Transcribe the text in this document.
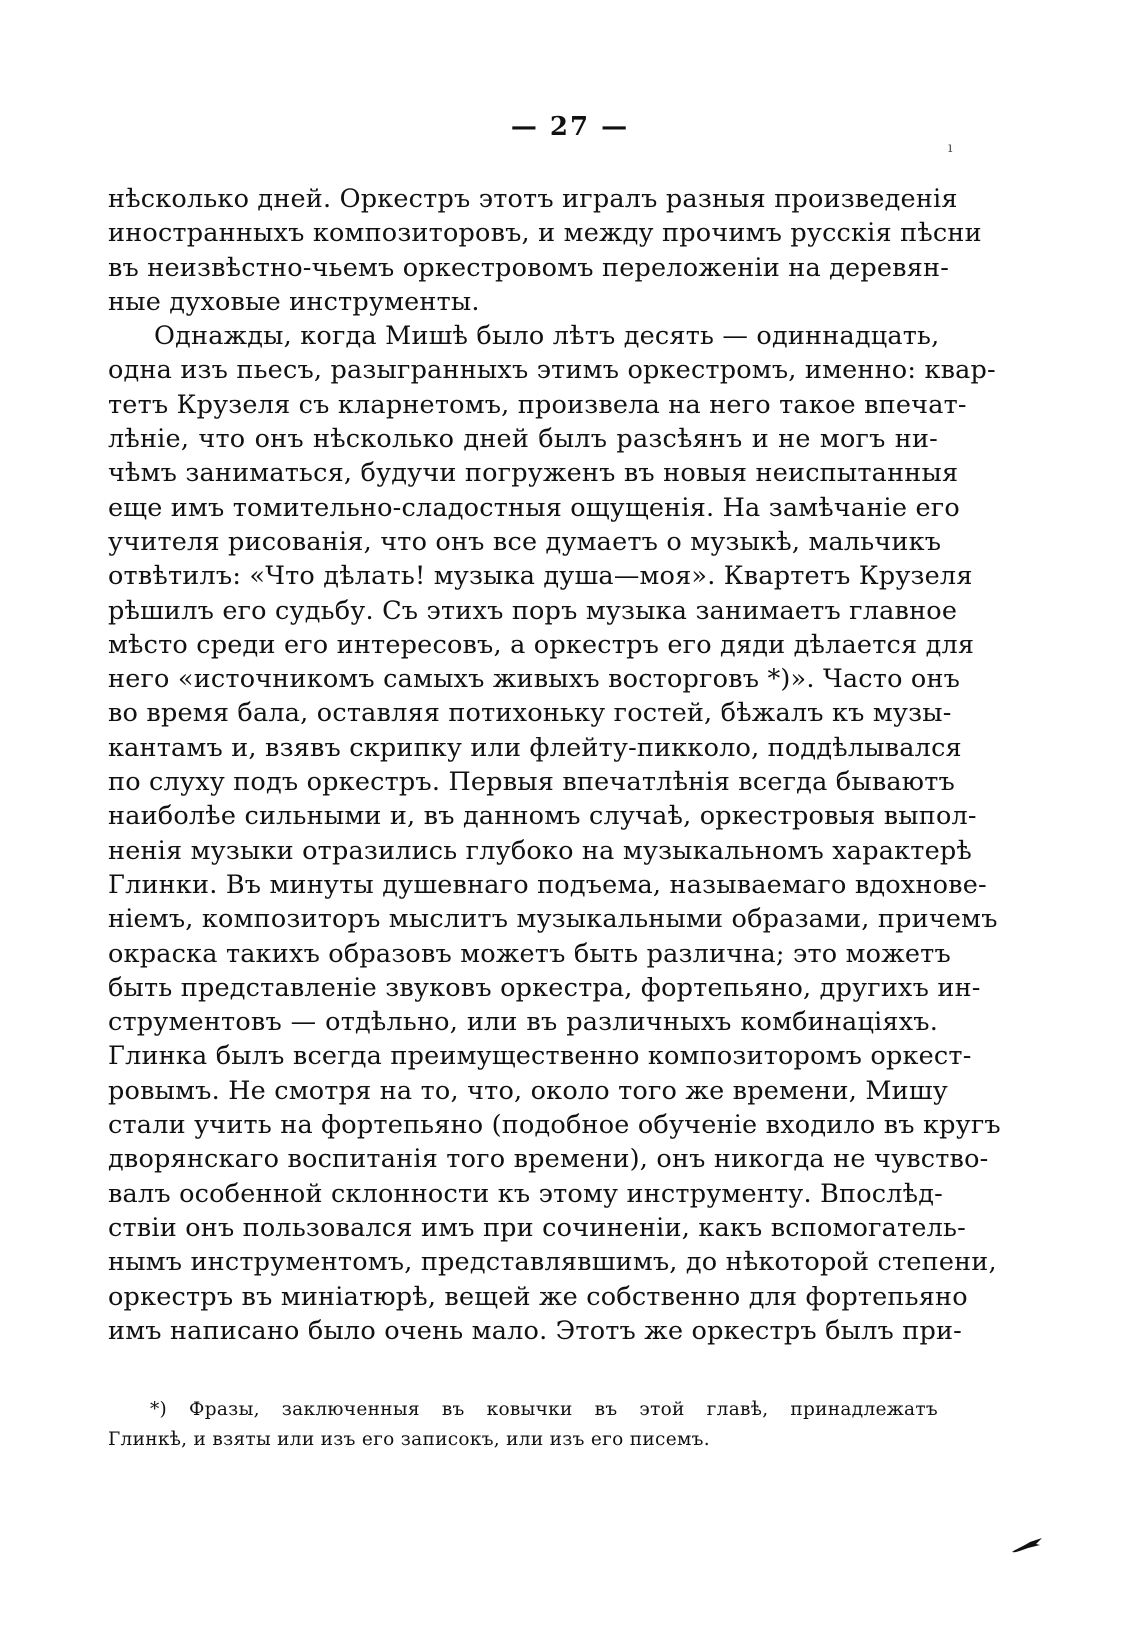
— 27 —
ı
нѣсколько дней. Оркестръ этотъ игралъ разныя произведенія
иностранныхъ композиторовъ, и между прочимъ русскія пѣсни
въ неизвѣстно-чьемъ оркестровомъ переложеніи на деревян-
ные духовые инструменты.
Однажды, когда Мишѣ было лѣтъ десять — одиннадцать,
одна изъ пьесъ, разыгранныхъ этимъ оркестромъ, именно: квар-
тетъ Крузеля съ кларнетомъ, произвела на него такое впечат-
лѣніе, что онъ нѣсколько дней былъ разсѣянъ и не могъ ни-
чѣмъ заниматься, будучи погруженъ въ новыя неиспытанныя
еще имъ томительно-сладостныя ощущенія. На замѣчаніе его
учителя рисованія, что онъ все думаетъ о музыкѣ, мальчикъ
отвѣтилъ: «Что дѣлать! музыка душа—моя». Квартетъ Крузеля
рѣшилъ его судьбу. Съ этихъ поръ музыка занимаетъ главное
мѣсто среди его интересовъ, а оркестръ его дяди дѣлается для
него «источникомъ самыхъ живыхъ восторговъ *)». Часто онъ
во время бала, оставляя потихоньку гостей, бѣжалъ къ музы-
кантамъ и, взявъ скрипку или флейту-пикколо, поддѣлывался
по слуху подъ оркестръ. Первыя впечатлѣнія всегда бываютъ
наиболѣе сильными и, въ данномъ случаѣ, оркестровыя выпол-
ненія музыки отразились глубоко на музыкальномъ характерѣ
Глинки. Въ минуты душевнаго подъема, называемаго вдохнове-
ніемъ, композиторъ мыслитъ музыкальными образами, причемъ
окраска такихъ образовъ можетъ быть различна; это можетъ
быть представленіе звуковъ оркестра, фортепьяно, другихъ ин-
струментовъ — отдѣльно, или въ различныхъ комбинаціяхъ.
Глинка былъ всегда преимущественно композиторомъ оркест-
ровымъ. Не смотря на то, что, около того же времени, Мишу
стали учить на фортепьяно (подобное обученіе входило въ кругъ
дворянскаго воспитанія того времени), онъ никогда не чувство-
валъ особенной склонности къ этому инструменту. Впослѣд-
ствіи онъ пользовался имъ при сочиненіи, какъ вспомогатель-
нымъ инструментомъ, представлявшимъ, до нѣкоторой степени,
оркестръ въ миніатюрѣ, вещей же собственно для фортепьяно
имъ написано было очень мало. Этотъ же оркестръ былъ при-
*) Фразы, заключенныя въ ковычки въ этой главѣ, принадлежатъ
Глинкѣ, и взяты или изъ его записокъ, или изъ его писемъ.
